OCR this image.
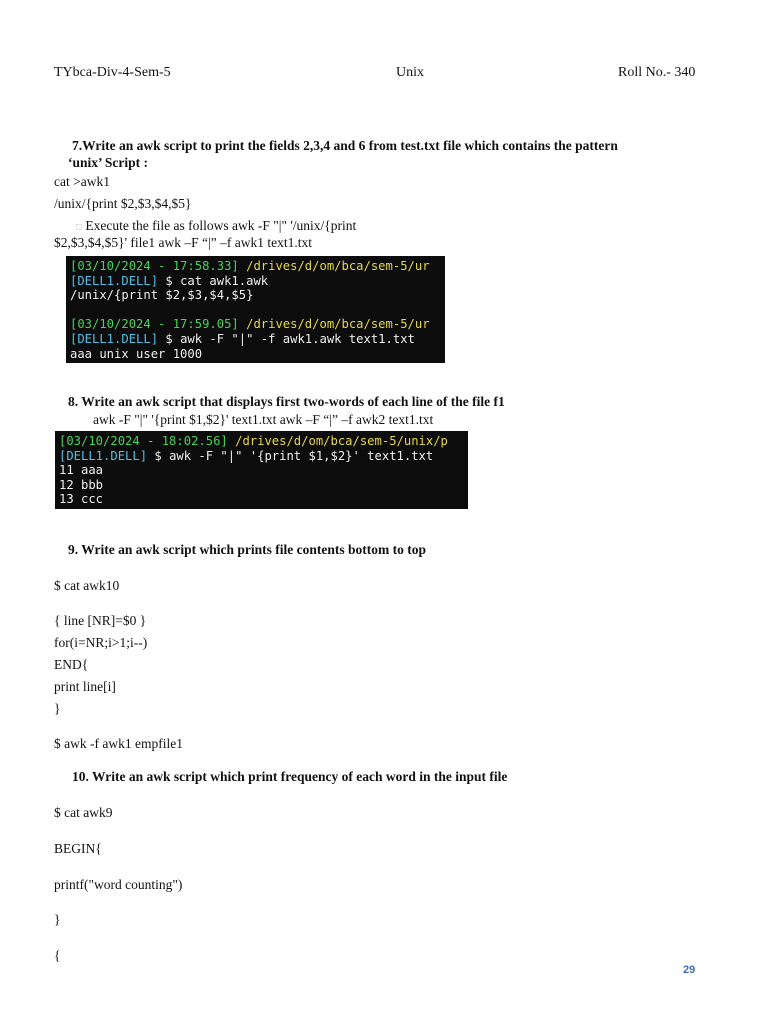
TYbca-Div-4-Sem-5	Unix	Roll No.- 340
7.Write an awk script to print the fields 2,3,4 and 6 from test.txt file which contains the pattern
‘unix’ Script :
cat >awk1
/unix/{print $2,$3,$4,$5}
□ Execute the file as follows awk -F "|" '/unix/{print
$2,$3,$4,$5}' file1 awk –F “|” –f awk1 text1.txt
[03/10/2024 - 17:58.33] /drives/d/om/bca/sem-5/ur
[DELL1.DELL] $ cat awk1.awk
/unix/{print $2,$3,$4,$5}
[03/10/2024 - 17:59.05] /drives/d/om/bca/sem-5/ur
[DELL1.DELL] $ awk -F "|" -f awk1.awk text1.txt
aaa unix user 1000
8. Write an awk script that displays first two-words of each line of the file f1
awk -F "|" '{print $1,$2}' text1.txt awk –F “|” –f awk2 text1.txt
[03/10/2024 - 18:02.56] /drives/d/om/bca/sem-5/unix/p
[DELL1.DELL] $ awk -F "|" '{print $1,$2}' text1.txt
11 aaa
12 bbb
13 ccc
9. Write an awk script which prints file contents bottom to top
$ cat awk10
{ line [NR]=$0 }
for(i=NR;i>1;i--)
END{
print line[i]
}
$ awk -f awk1 empfile1
10. Write an awk script which print frequency of each word in the input file
$ cat awk9
BEGIN{
printf("word counting")
}
{
29
